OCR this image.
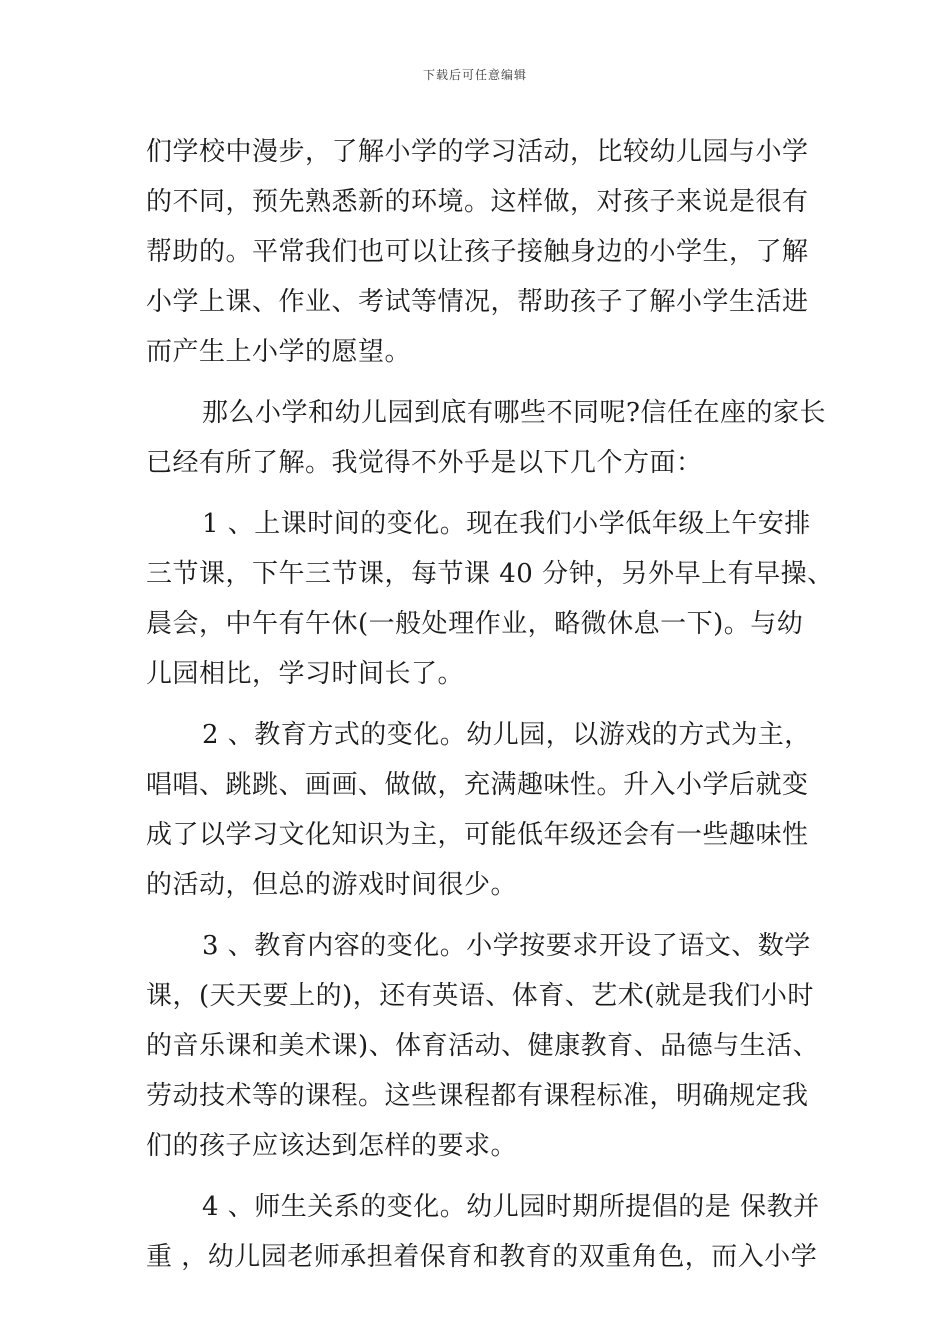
下载后可任意编辑
们学校中漫步，了解小学的学习活动，比较幼儿园与小学
的不同，预先熟悉新的环境。这样做，对孩子来说是很有
帮助的。平常我们也可以让孩子接触身边的小学生，了解
小学上课、作业、考试等情况，帮助孩子了解小学生活进
而产生上小学的愿望。
那么小学和幼儿园到底有哪些不同呢?信任在座的家长
已经有所了解。我觉得不外乎是以下几个方面：
1 、上课时间的变化。现在我们小学低年级上午安排
三节课，下午三节课，每节课 40 分钟，另外早上有早操、
晨会，中午有午休(一般处理作业，略微休息一下)。与幼
儿园相比，学习时间长了。
2 、教育方式的变化。幼儿园，以游戏的方式为主，
唱唱、跳跳、画画、做做，充满趣味性。升入小学后就变
成了以学习文化知识为主，可能低年级还会有一些趣味性
的活动，但总的游戏时间很少。
3 、教育内容的变化。小学按要求开设了语文、数学
课，(天天要上的)，还有英语、体育、艺术(就是我们小时
的音乐课和美术课)、体育活动、健康教育、品德与生活、
劳动技术等的课程。这些课程都有课程标准，明确规定我
们的孩子应该达到怎样的要求。
4 、师生关系的变化。幼儿园时期所提倡的是 保教并
重 ，幼儿园老师承担着保育和教育的双重角色，而入小学
